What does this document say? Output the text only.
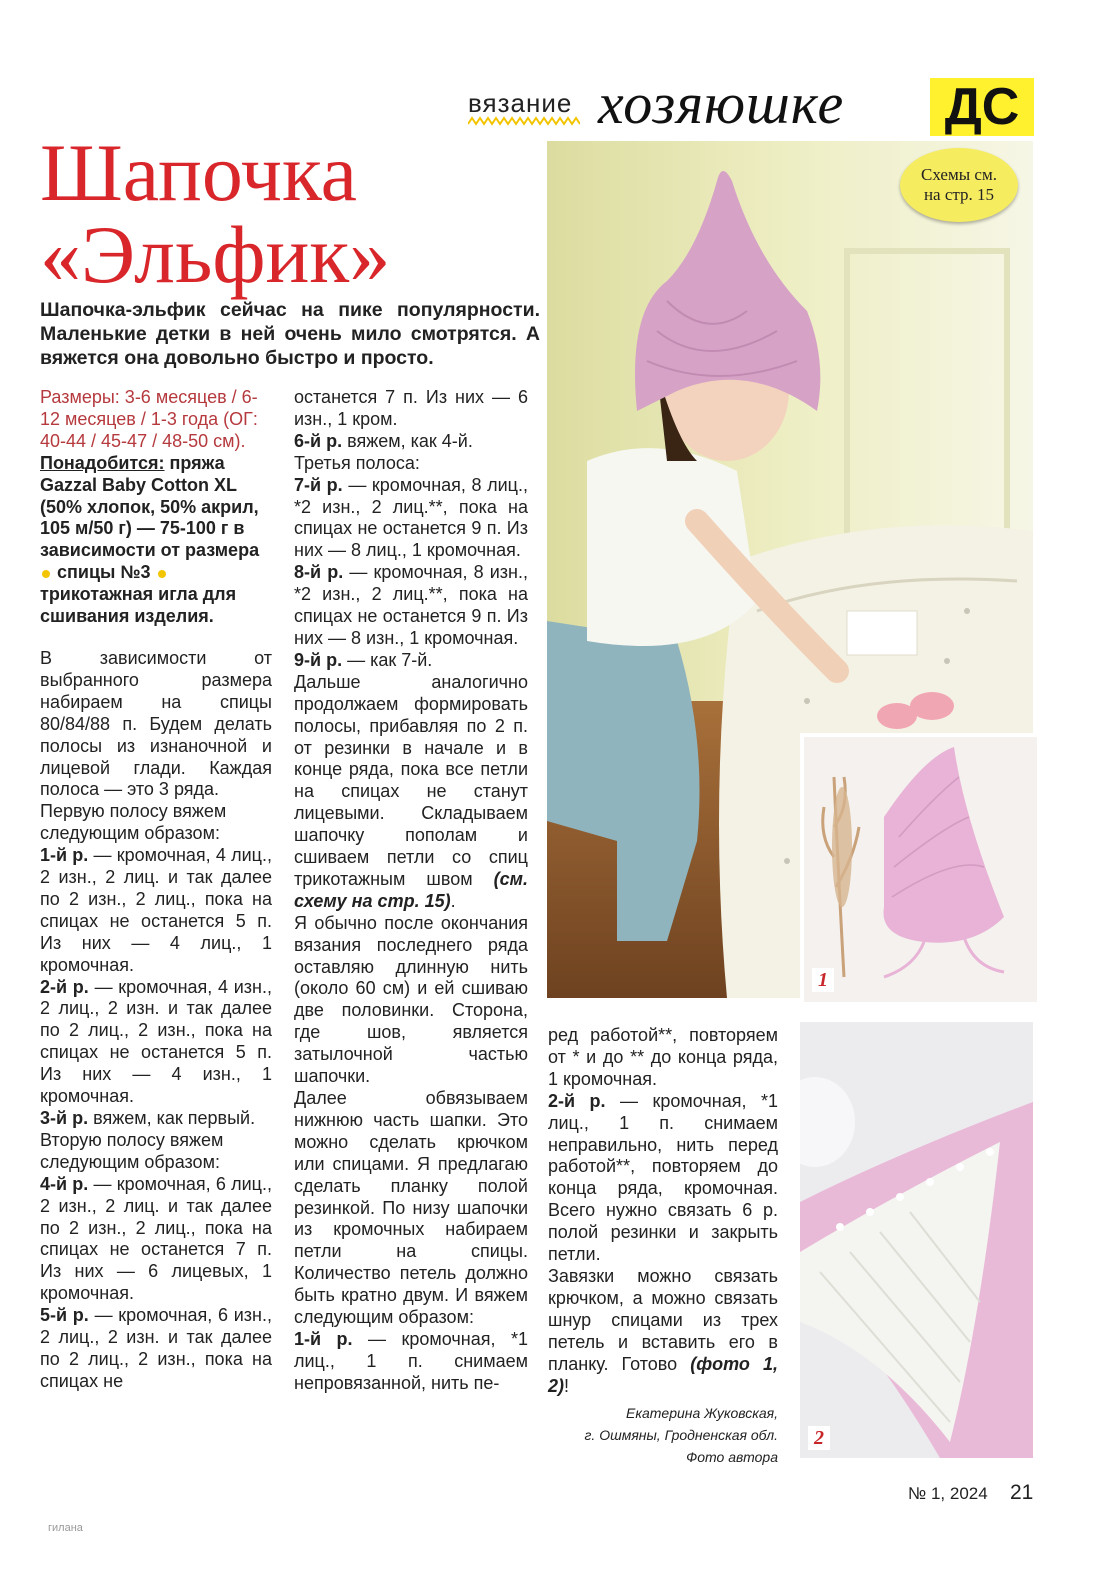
вязание хозяюшке ДС
Шапочка
«Эльфик»
Шапочка-эльфик сейчас на пике популярности. Маленькие детки в ней очень мило смотрятся. А вяжется она довольно быстро и просто.

Размеры: 3-6 месяцев / 6-12 месяцев / 1-3 года (ОГ: 40-44 / 45-47 / 48-50 см).

Понадобится: пряжа Gazzal Baby Cotton XL (50% хлопок, 50% акрил, 105 м/50 г) — 75-100 г в зависимости от размера  спицы №3  трикотажная игла для сшивания изделия.

В зависимости от выбранного размера набираем на спицы 80/84/88 п. Будем делать полосы из изнаночной и лицевой глади. Каждая полоса — это 3 ряда.

Первую полосу вяжем следующим образом:

1-й р. — кромочная, 4 лиц., 2 изн., 2 лиц. и так далее по 2 изн., 2 лиц., пока на спицах не останется 5 п. Из них — 4 лиц., 1 кромочная.

2-й р. — кромочная, 4 изн., 2 лиц., 2 изн. и так далее по 2 лиц., 2 изн., пока на спицах не останется 5 п. Из них — 4 изн., 1 кромочная.

3-й р. вяжем, как первый.

Вторую полосу вяжем следующим образом:

4-й р. — кромочная, 6 лиц., 2 изн., 2 лиц. и так далее по 2 изн., 2 лиц., пока на спицах не останется 7 п. Из них — 6 лицевых, 1 кромочная.

5-й р. — кромочная, 6 изн., 2 лиц., 2 изн. и так далее по 2 лиц., 2 изн., пока на спицах не

останется 7 п. Из них — 6 изн., 1 кром.

6-й р. вяжем, как 4-й.

Третья полоса:

7-й р. — кромочная, 8 лиц., *2 изн., 2 лиц.**, пока на спицах не останется 9 п. Из них — 8 лиц., 1 кромочная.

8-й р. — кромочная, 8 изн., *2 изн., 2 лиц.**, пока на спицах не останется 9 п. Из них — 8 изн., 1 кромочная.

9-й р. — как 7-й.

Дальше аналогично продолжаем формировать полосы, прибавляя по 2 п. от резинки в начале и в конце ряда, пока все петли на спицах не станут лицевыми. Складываем шапочку пополам и сшиваем петли со спиц трикотажным швом (см. схему на стр. 15).

Я обычно после окончания вязания последнего ряда оставляю длинную нить (около 60 см) и ей сшиваю две половинки. Сторона, где шов, является затылочной частью шапочки.

Далее обвязываем нижнюю часть шапки. Это можно сделать крючком или спицами. Я предлагаю сделать планку полой резинкой. По низу шапочки из кромочных набираем петли на спицы. Количество петель должно быть кратно двум. И вяжем следующим образом:

1-й р. — кромочная, *1 лиц., 1 п. снимаем непровязанной, нить пе-

ред работой**, повторяем от * и до ** до конца ряда, 1 кромочная.

2-й р. — кромочная, *1 лиц., 1 п. снимаем неправильно, нить перед работой**, повторяем до конца ряда, кромочная. Всего нужно связать 6 р. полой резинки и закрыть петли.

Завязки можно связать крючком, а можно связать шнур спицами из трех петель и вставить его в планку. Готово (фото 1, 2)!

Екатерина Жуковская,
г. Ошмяны, Гродненская обл.
Фото автора
Схемы см.
на стр. 15
1
2
№ 1, 2024 21
гилана
